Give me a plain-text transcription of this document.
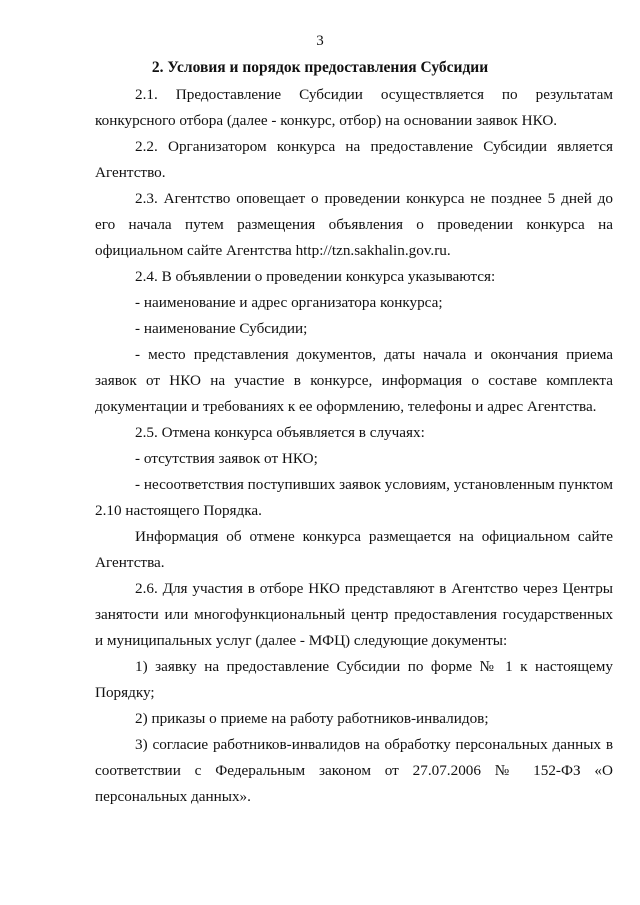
3
2. Условия и порядок предоставления Субсидии

2.1. Предоставление Субсидии осуществляется по результатам конкурсного отбора (далее - конкурс, отбор) на основании заявок НКО.

2.2. Организатором конкурса на предоставление Субсидии является Агентство.

2.3. Агентство оповещает о проведении конкурса не позднее 5 дней до его начала путем размещения объявления о проведении конкурса на официальном сайте Агентства http://tzn.sakhalin.gov.ru.

2.4. В объявлении о проведении конкурса указываются:

- наименование и адрес организатора конкурса;

- наименование Субсидии;

- место представления документов, даты начала и окончания приема заявок от НКО на участие в конкурсе, информация о составе комплекта документации и требованиях к ее оформлению, телефоны и адрес Агентства.

2.5. Отмена конкурса объявляется в случаях:

- отсутствия заявок от НКО;

- несоответствия поступивших заявок условиям, установленным пунктом 2.10 настоящего Порядка.

Информация об отмене конкурса размещается на официальном сайте Агентства.

2.6. Для участия в отборе НКО представляют в Агентство через Центры занятости или многофункциональный центр предоставления государственных и муниципальных услуг (далее - МФЦ) следующие документы:

1) заявку на предоставление Субсидии по форме № 1 к настоящему Порядку;

2) приказы о приеме на работу работников-инвалидов;

3) согласие работников-инвалидов на обработку персональных данных в соответствии с Федеральным законом от 27.07.2006 № 152-ФЗ «О персональных данных».
